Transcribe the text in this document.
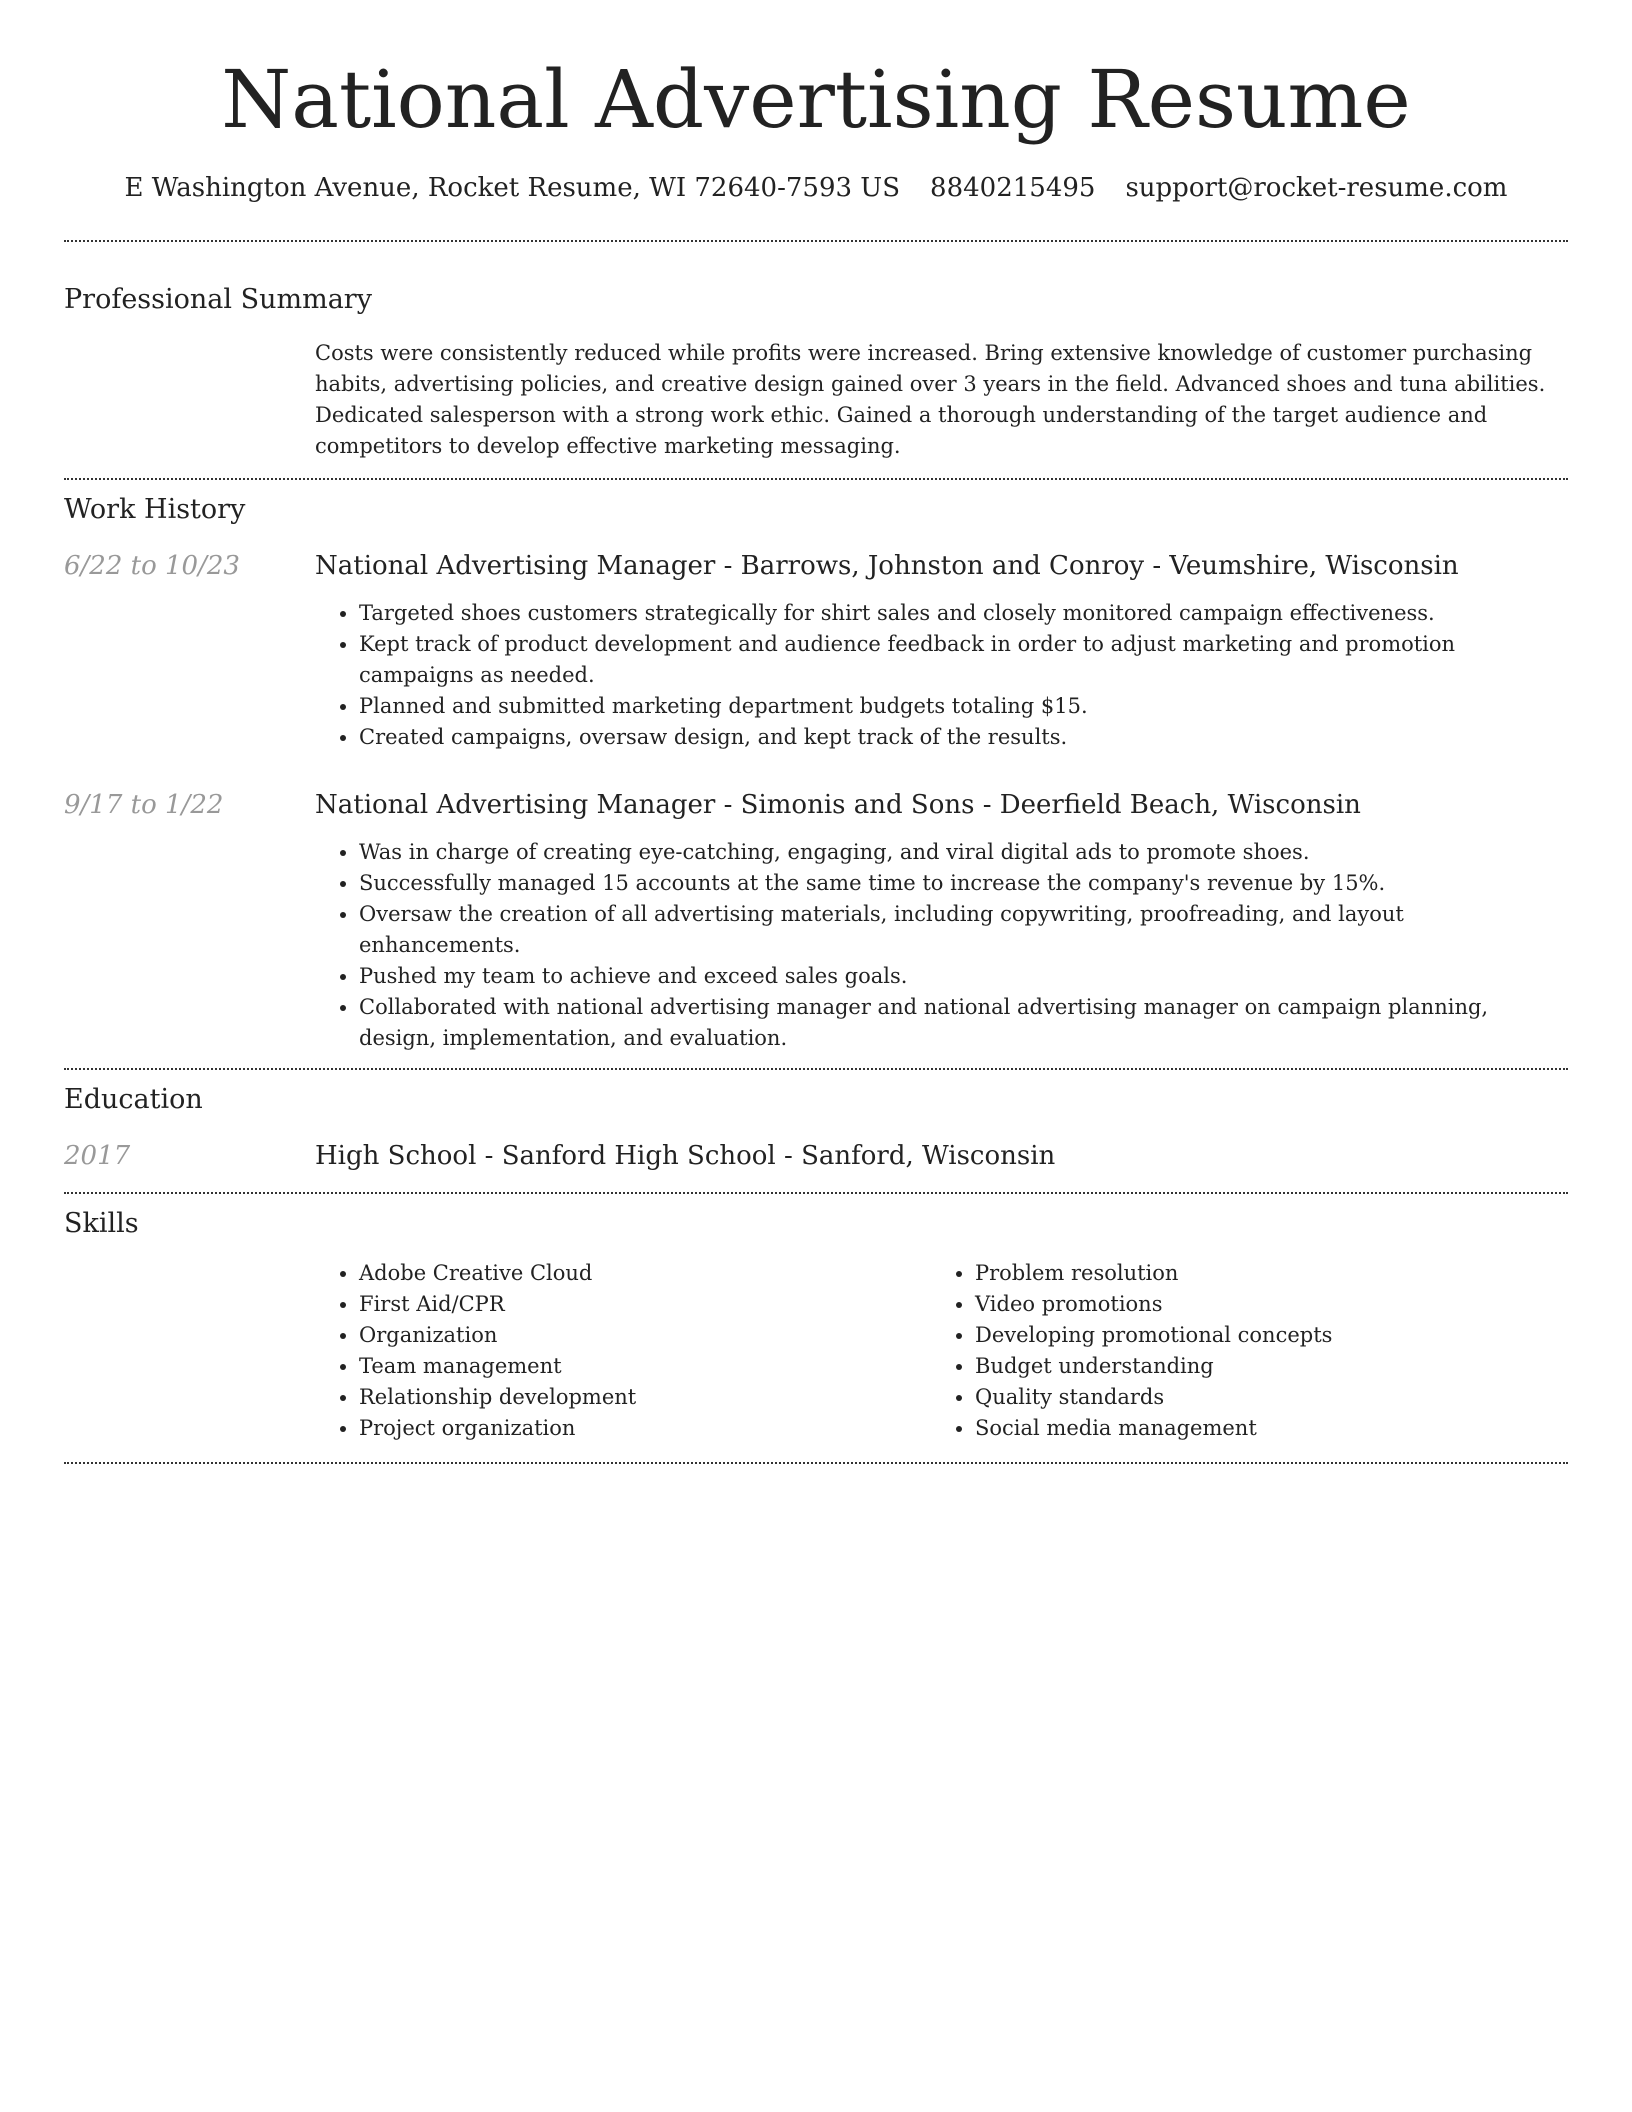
National Advertising Resume
E Washington Avenue, Rocket Resume, WI 72640-7593 US 8840215495 support@rocket-resume.com
Professional Summary
Costs were consistently reduced while profits were increased. Bring extensive knowledge of customer purchasing habits, advertising policies, and creative design gained over 3 years in the field. Advanced shoes and tuna abilities. Dedicated salesperson with a strong work ethic. Gained a thorough understanding of the target audience and competitors to develop effective marketing messaging.
Work History
6/22 to 10/23	National Advertising Manager - Barrows, Johnston and Conroy - Veumshire, Wisconsin
• Targeted shoes customers strategically for shirt sales and closely monitored campaign effectiveness.
• Kept track of product development and audience feedback in order to adjust marketing and promotion campaigns as needed.
• Planned and submitted marketing department budgets totaling $15.
• Created campaigns, oversaw design, and kept track of the results.
9/17 to 1/22	National Advertising Manager - Simonis and Sons - Deerfield Beach, Wisconsin
• Was in charge of creating eye-catching, engaging, and viral digital ads to promote shoes.
• Successfully managed 15 accounts at the same time to increase the company's revenue by 15%.
• Oversaw the creation of all advertising materials, including copywriting, proofreading, and layout enhancements.
• Pushed my team to achieve and exceed sales goals.
• Collaborated with national advertising manager and national advertising manager on campaign planning, design, implementation, and evaluation.
Education
2017	High School - Sanford High School - Sanford, Wisconsin
Skills
• Adobe Creative Cloud
• First Aid/CPR
• Organization
• Team management
• Relationship development
• Project organization
• Problem resolution
• Video promotions
• Developing promotional concepts
• Budget understanding
• Quality standards
• Social media management
